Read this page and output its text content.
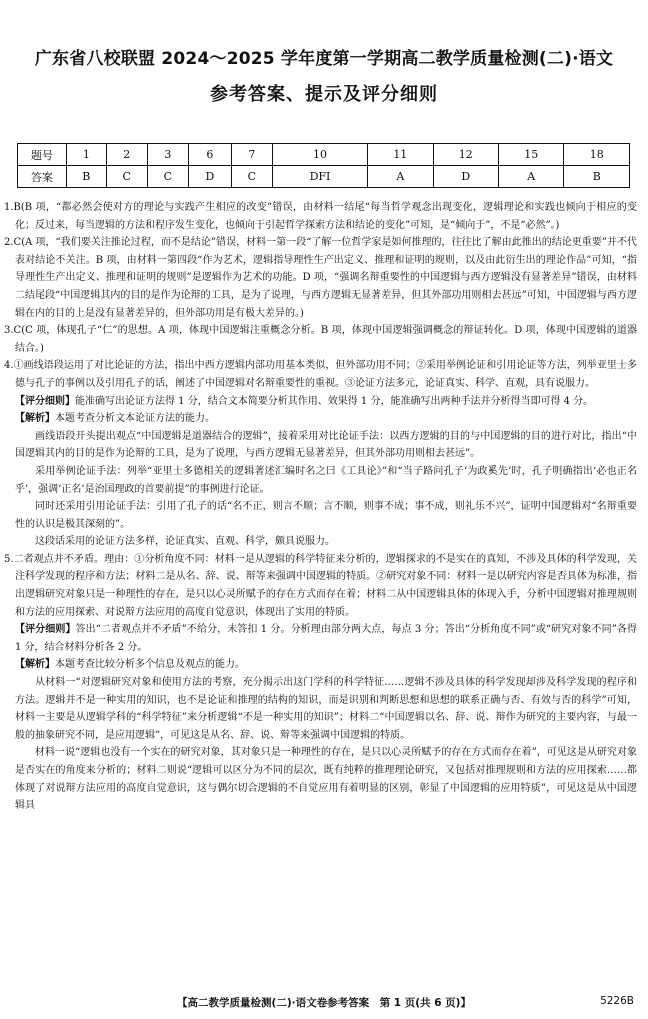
广东省八校联盟 2024～2025 学年度第一学期高二教学质量检测(二)·语文
参考答案、提示及评分细则
题号	1	2	3	6	7	10	11	12	15	18
答案	B	C	C	D	C	DFI	A	D	A	B

1.B(B 项，“都必然会使对方的理论与实践产生相应的改变”错误，由材料一结尾“每当哲学观念出现变化，逻辑理论和实践也倾向于相应的变化；反过来，每当逻辑的方法和程序发生变化，也倾向于引起哲学探索方法和结论的变化”可知，是“倾向于”，不是“必然”。)

2.C(A 项，“我们要关注推论过程，而不是结论”错误，材料一第一段“了解一位哲学家是如何推理的，往往比了解由此推出的结论更重要”并不代表对结论不关注。B 项，由材料一第四段“作为艺术，逻辑指导理性生产出定义、推理和证明的规则，以及由此衍生出的理论作品”可知，“指导理性生产出定义、推理和证明的规则”是逻辑作为艺术的功能。D 项，“强调名辩重要性的中国逻辑与西方逻辑没有显著差异”错误，由材料二结尾段“中国逻辑其内的目的是作为论辩的工具，是为了说理，与西方逻辑无显著差异，但其外部功用则相去甚远”可知，中国逻辑与西方逻辑在内的目的上是没有显著差异的，但外部功用是有极大差异的。)

3.C(C 项，体现孔子“仁”的思想。A 项，体现中国逻辑注重概念分析。B 项，体现中国逻辑强调概念的辩证转化。D 项，体现中国逻辑的道器结合。)

4.①画线语段运用了对比论证的方法，指出中西方逻辑内部功用基本类似，但外部功用不同；②采用举例论证和引用论证等方法，列举亚里士多德与孔子的事例以及引用孔子的话，阐述了中国逻辑对名辩重要性的重视。③论证方法多元，论证真实、科学、直观，具有说服力。

【评分细则】能准确写出论证方法得 1 分，结合文本简要分析其作用、效果得 1 分，能准确写出两种手法并分析得当即可得 4 分。

【解析】本题考查分析文本论证方法的能力。

画线语段开头提出观点“中国逻辑是道器结合的逻辑”，接着采用对比论证手法：以西方逻辑的目的与中国逻辑的目的进行对比，指出“中国逻辑其内的目的是作为论辩的工具，是为了说理，与西方逻辑无显著差异，但其外部功用则相去甚远”。

采用举例论证手法：列举“亚里士多德相关的逻辑著述汇编时名之曰《工具论》”和“当子路问孔子‘为政奚先’时，孔子明确指出‘必也正名乎’，强调‘正名’是治国理政的首要前提”的事例进行论证。

同时还采用引用论证手法：引用了孔子的话“名不正，则言不顺；言不顺，则事不成；事不成，则礼乐不兴”，证明中国逻辑对“名辩重要性的认识是极其深刻的”。

这段话采用的论证方法多样，论证真实、直观、科学，颇具说服力。

5.二者观点并不矛盾。理由：①分析角度不同：材料一是从逻辑的科学特征来分析的，逻辑探求的不是实在的真知，不涉及具体的科学发现，关注科学发现的程序和方法；材料二是从名、辞、说、辩等来强调中国逻辑的特质。②研究对象不同：材料一是以研究内容是否具体为标准，指出逻辑研究对象只是一种理性的存在，是只以心灵所赋予的存在方式而存在着；材料二从中国逻辑具体的体现入手，分析中国逻辑对推理规则和方法的应用探索、对说辩方法应用的高度自觉意识，体现出了实用的特质。

【评分细则】答出“二者观点并不矛盾”不给分，未答扣 1 分。分析理由部分两大点，每点 3 分；答出“分析角度不同”或“研究对象不同”各得 1 分，结合材料分析各 2 分。

【解析】本题考查比较分析多个信息及观点的能力。

从材料一“对逻辑研究对象和使用方法的考察，充分揭示出这门学科的科学特征……逻辑不涉及具体的科学发现却涉及科学发现的程序和方法。逻辑并不是一种实用的知识，也不是论证和推理的结构的知识，而是识别和判断思想和思想的联系正确与否、有效与否的科学”可知，材料一主要是从逻辑学科的“科学特征”来分析逻辑“不是一种实用的知识”；材料二“中国逻辑以名、辞、说、辩作为研究的主要内容，与最一般的抽象研究不同，是应用逻辑”，可见这是从名、辞、说、辩等来强调中国逻辑的特质。

材料一说“逻辑也没有一个实在的研究对象，其对象只是一种理性的存在，是只以心灵所赋予的存在方式而存在着”，可见这是从研究对象是否实在的角度来分析的；材料二则说“逻辑可以区分为不同的层次，既有纯粹的推理理论研究，又包括对推理规则和方法的应用探索……都体现了对说辩方法应用的高度自觉意识，这与偶尔切合逻辑的不自觉应用有着明显的区别，彰显了中国逻辑的应用特质”，可见这是从中国逻辑具

【高二教学质量检测(二)·语文卷参考答案　第 1 页(共 6 页)】	5226B
